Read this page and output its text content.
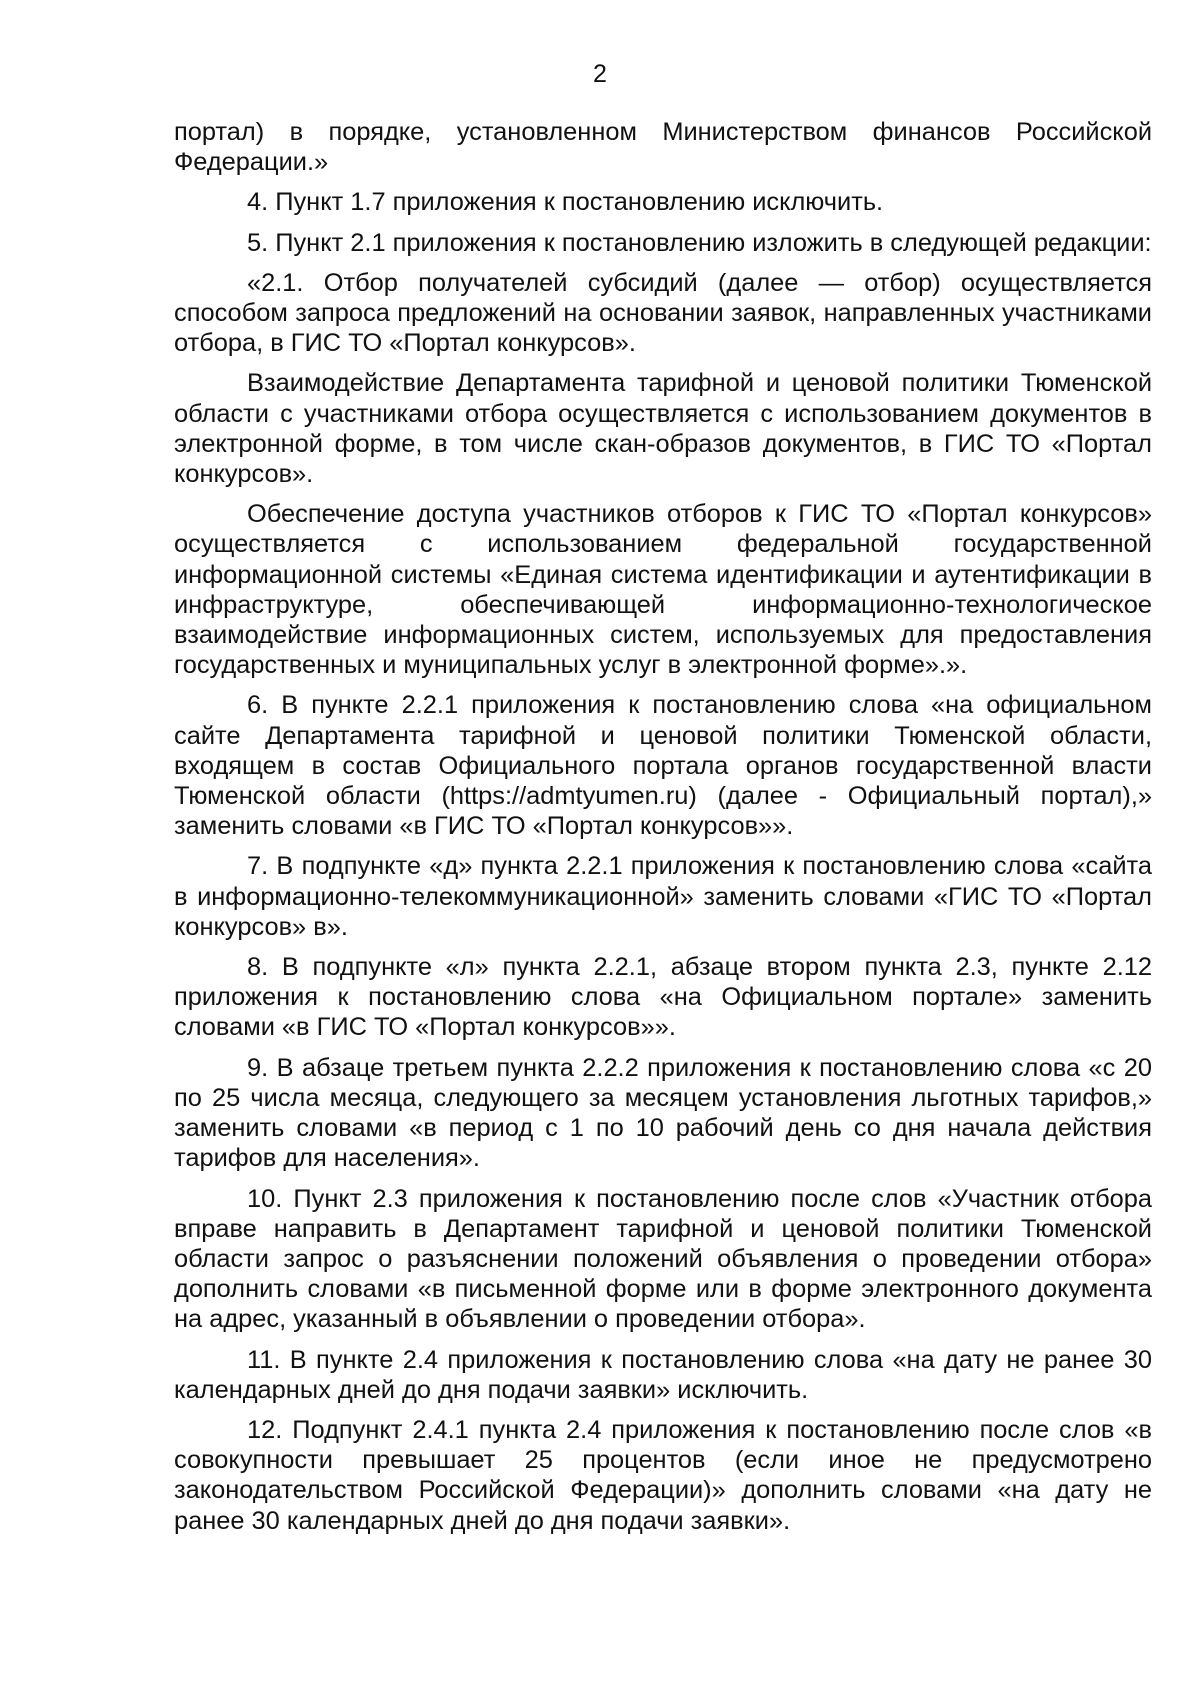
2

портал) в порядке, установленном Министерством финансов Российской Федерации.»

4. Пункт 1.7 приложения к постановлению исключить.

5. Пункт 2.1 приложения к постановлению изложить в следующей редакции:

«2.1. Отбор получателей субсидий (далее — отбор) осуществляется способом запроса предложений на основании заявок, направленных участниками отбора, в ГИС ТО «Портал конкурсов».

Взаимодействие Департамента тарифной и ценовой политики Тюменской области с участниками отбора осуществляется с использованием документов в электронной форме, в том числе скан-образов документов, в ГИС ТО «Портал конкурсов».

Обеспечение доступа участников отборов к ГИС ТО «Портал конкурсов» осуществляется с использованием федеральной государственной информационной системы «Единая система идентификации и аутентификации в инфраструктуре, обеспечивающей информационно-технологическое взаимодействие информационных систем, используемых для предоставления государственных и муниципальных услуг в электронной форме».».

6. В пункте 2.2.1 приложения к постановлению слова «на официальном сайте Департамента тарифной и ценовой политики Тюменской области, входящем в состав Официального портала органов государственной власти Тюменской области (https://admtyumen.ru) (далее - Официальный портал),» заменить словами «в ГИС ТО «Портал конкурсов»».

7. В подпункте «д» пункта 2.2.1 приложения к постановлению слова «сайта в информационно-телекоммуникационной» заменить словами «ГИС ТО «Портал конкурсов» в».

8. В подпункте «л» пункта 2.2.1, абзаце втором пункта 2.3, пункте 2.12 приложения к постановлению слова «на Официальном портале» заменить словами «в ГИС ТО «Портал конкурсов»».

9. В абзаце третьем пункта 2.2.2 приложения к постановлению слова «с 20 по 25 числа месяца, следующего за месяцем установления льготных тарифов,» заменить словами «в период с 1 по 10 рабочий день со дня начала действия тарифов для населения».

10. Пункт 2.3 приложения к постановлению после слов «Участник отбора вправе направить в Департамент тарифной и ценовой политики Тюменской области запрос о разъяснении положений объявления о проведении отбора» дополнить словами «в письменной форме или в форме электронного документа на адрес, указанный в объявлении о проведении отбора».

11. В пункте 2.4 приложения к постановлению слова «на дату не ранее 30 календарных дней до дня подачи заявки» исключить.

12. Подпункт 2.4.1 пункта 2.4 приложения к постановлению после слов «в совокупности превышает 25 процентов (если иное не предусмотрено законодательством Российской Федерации)» дополнить словами «на дату не ранее 30 календарных дней до дня подачи заявки».
